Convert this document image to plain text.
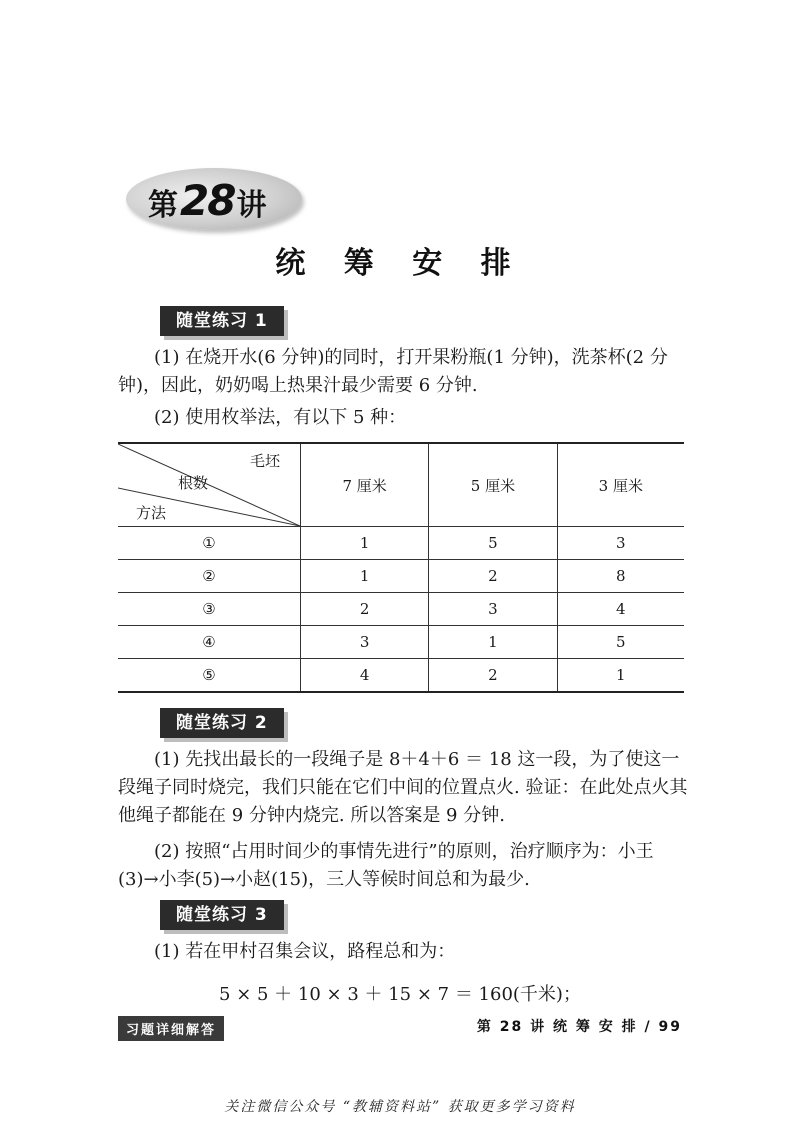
第 28 讲
统 筹 安 排
随堂练习 1
(1) 在烧开水(6 分钟)的同时，打开果粉瓶(1 分钟)，洗茶杯(2 分钟)，因此，奶奶喝上热果汁最少需要 6 分钟.
(2) 使用枚举法，有以下 5 种：
毛坯
根数
方法	7 厘米	5 厘米	3 厘米
①	1	5	3
②	1	2	8
③	2	3	4
④	3	1	5
⑤	4	2	1
随堂练习 2
(1) 先找出最长的一段绳子是 8＋4＋6 ＝ 18 这一段，为了使这一段绳子同时烧完，我们只能在它们中间的位置点火. 验证：在此处点火其他绳子都能在 9 分钟内烧完. 所以答案是 9 分钟.
(2) 按照“占用时间少的事情先进行”的原则，治疗顺序为：小王(3)→小李(5)→小赵(15)，三人等候时间总和为最少.
随堂练习 3
(1) 若在甲村召集会议，路程总和为：
5 × 5 ＋ 10 × 3 ＋ 15 × 7 ＝ 160(千米)；
习题详细解答	第 28 讲 统 筹 安 排 / 99
关注微信公众号 “教辅资料站” 获取更多学习资料
